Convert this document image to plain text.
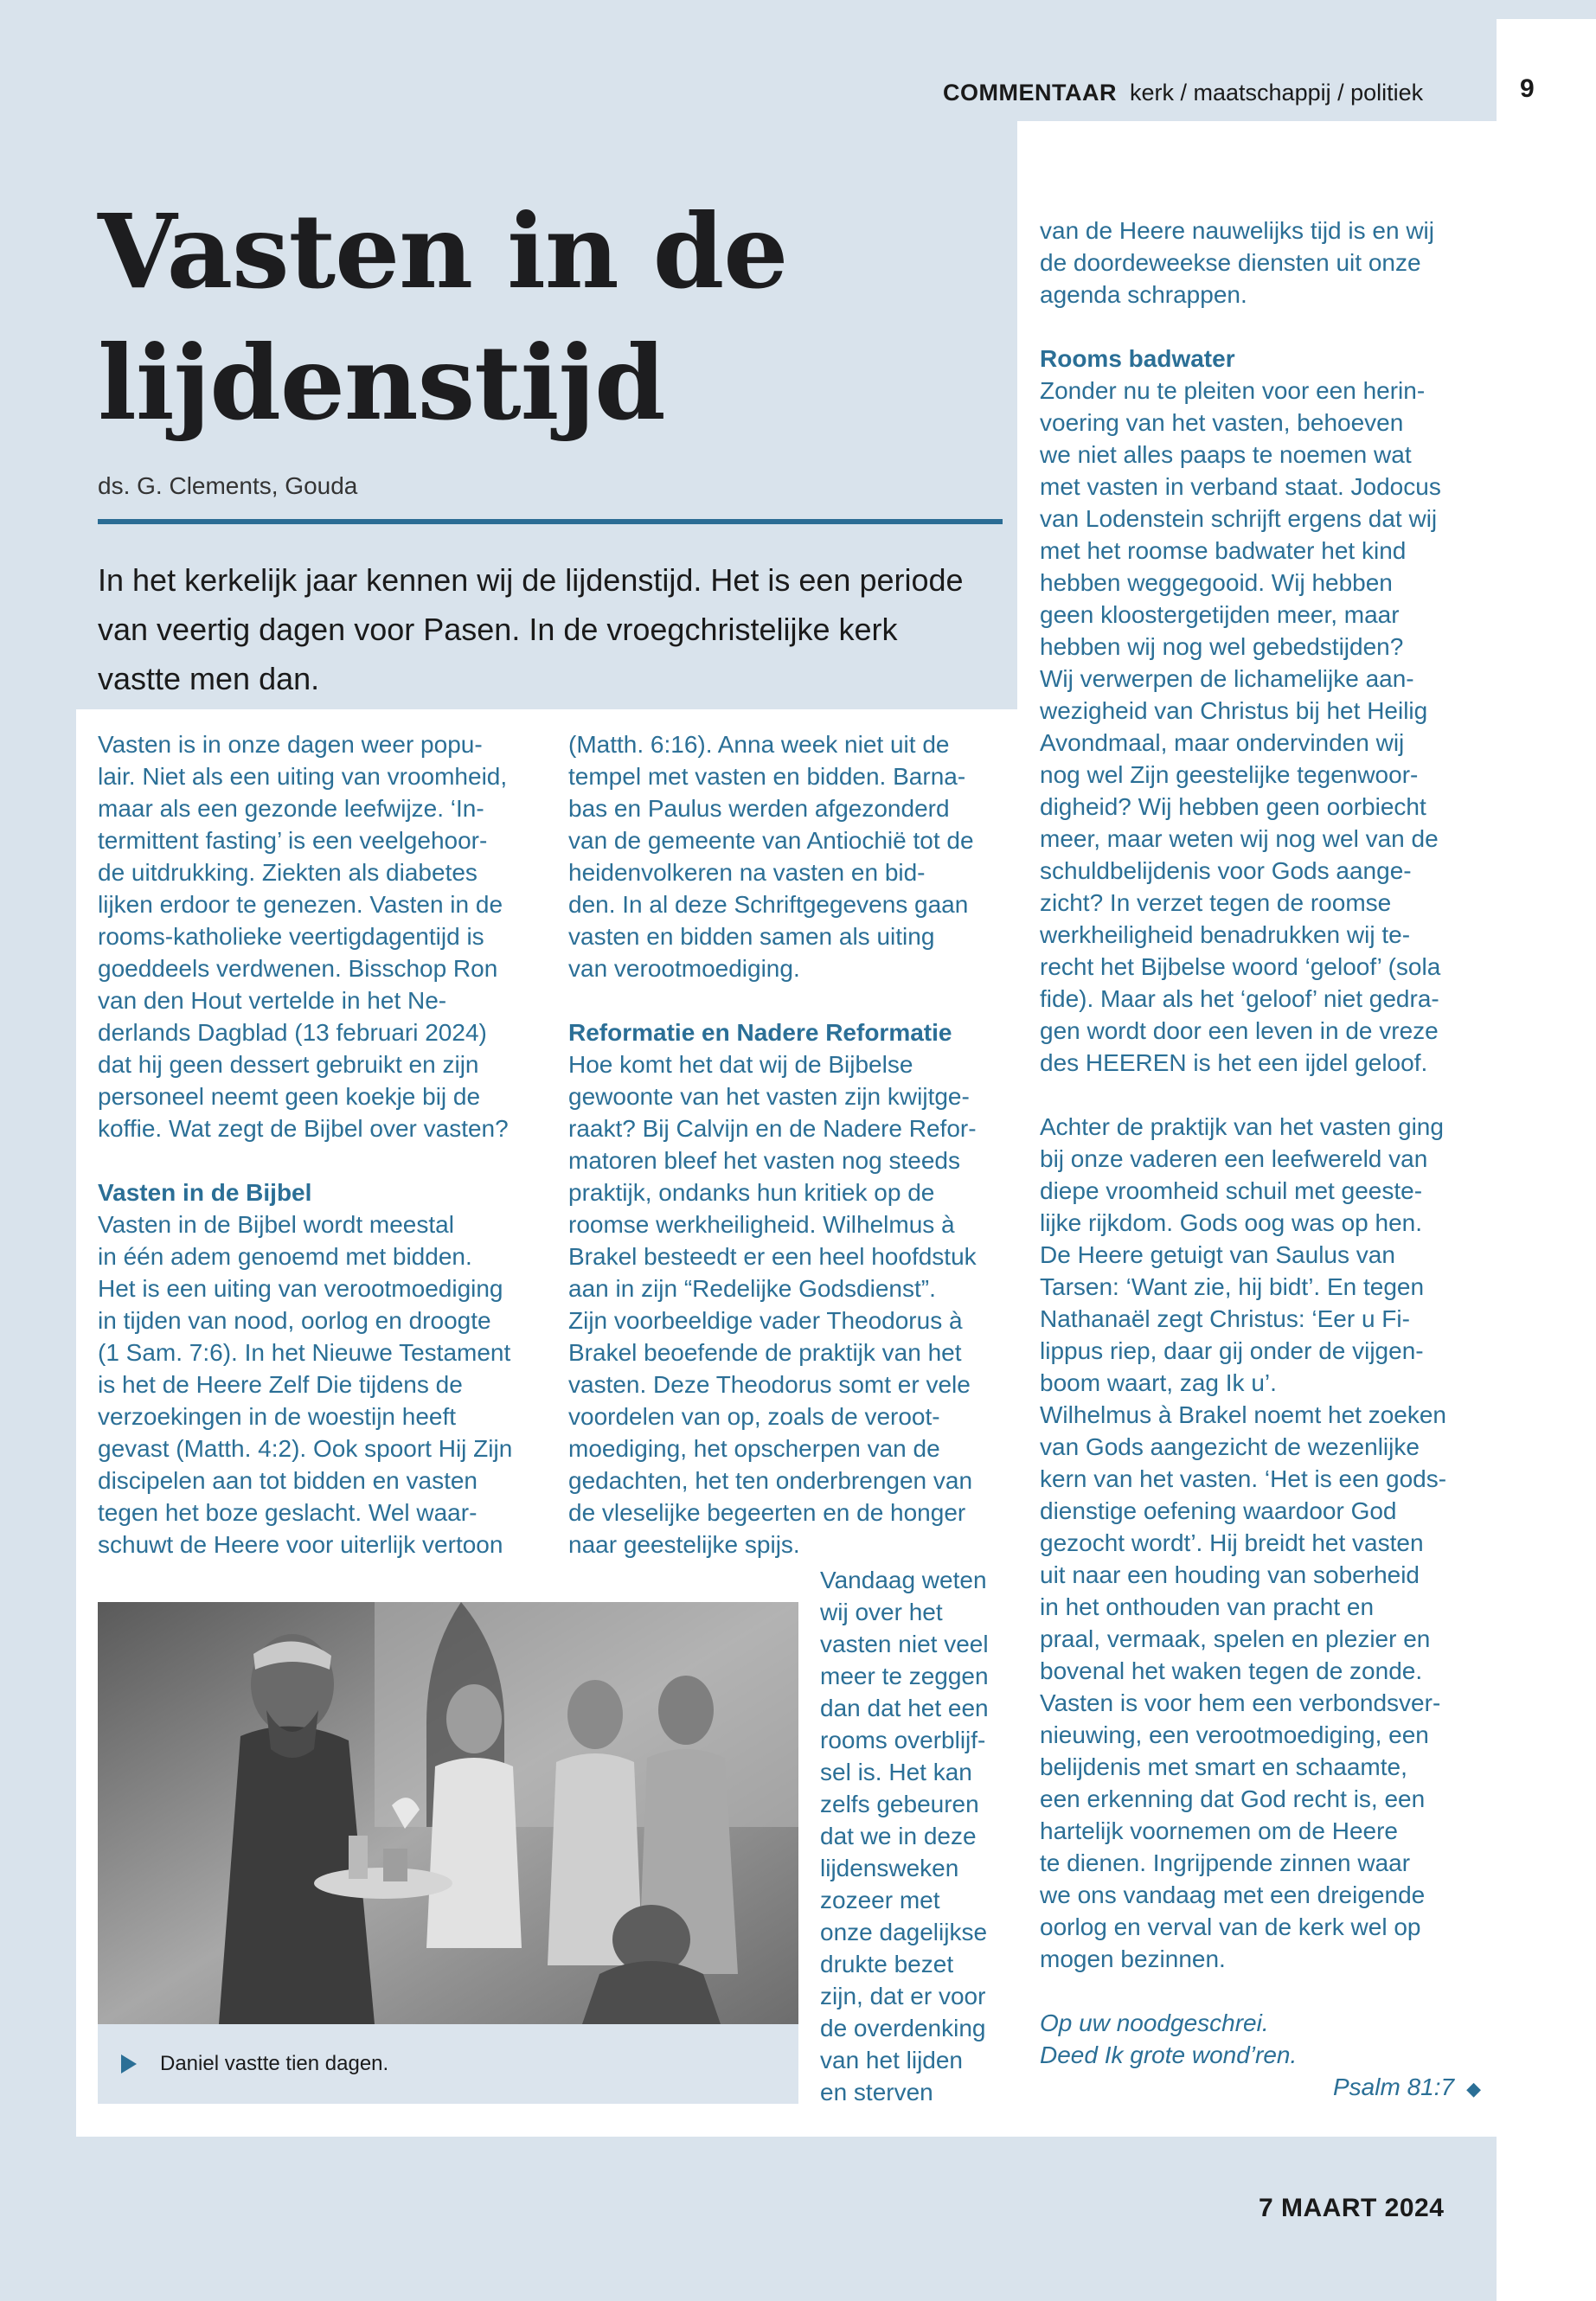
COMMENTAAR kerk / maatschappij / politiek	9
Vasten in de
lijdenstijd
ds. G. Clements, Gouda
In het kerkelijk jaar kennen wij de lijdenstijd. Het is een periode
van veertig dagen voor Pasen. In de vroegchristelijke kerk
vastte men dan.

Vasten is in onze dagen weer popu-

lair. Niet als een uiting van vroomheid,

maar als een gezonde leefwijze. ‘In-

termittent fasting’ is een veelgehoor-

de uitdrukking. Ziekten als diabetes

lijken erdoor te genezen. Vasten in de

rooms-katholieke veertigdagentijd is

goeddeels verdwenen. Bisschop Ron

van den Hout vertelde in het Ne-

derlands Dagblad (13 februari 2024)

dat hij geen dessert gebruikt en zijn

personeel neemt geen koekje bij de

koffie. Wat zegt de Bijbel over vasten?

Vasten in de Bijbel

Vasten in de Bijbel wordt meestal

in één adem genoemd met bidden.

Het is een uiting van verootmoediging

in tijden van nood, oorlog en droogte

(1 Sam. 7:6). In het Nieuwe Testament

is het de Heere Zelf Die tijdens de

verzoekingen in de woestijn heeft

gevast (Matth. 4:2). Ook spoort Hij Zijn

discipelen aan tot bidden en vasten

tegen het boze geslacht. Wel waar-

schuwt de Heere voor uiterlijk vertoon

(Matth. 6:16). Anna week niet uit de

tempel met vasten en bidden. Barna-

bas en Paulus werden afgezonderd

van de gemeente van Antiochië tot de

heidenvolkeren na vasten en bid-

den. In al deze Schriftgegevens gaan

vasten en bidden samen als uiting

van verootmoediging.

Reformatie en Nadere Reformatie

Hoe komt het dat wij de Bijbelse

gewoonte van het vasten zijn kwijtge-

raakt? Bij Calvijn en de Nadere Refor-

matoren bleef het vasten nog steeds

praktijk, ondanks hun kritiek op de

roomse werkheiligheid. Wilhelmus à

Brakel besteedt er een heel hoofdstuk

aan in zijn “Redelijke Godsdienst”.

Zijn voorbeeldige vader Theodorus à

Brakel beoefende de praktijk van het

vasten. Deze Theodorus somt er vele

voordelen van op, zoals de veroot-

moediging, het opscherpen van de

gedachten, het ten onderbrengen van

de vleselijke begeerten en de honger

naar geestelijke spijs.

Vandaag weten

wij over het

vasten niet veel

meer te zeggen

dan dat het een

rooms overblijf-

sel is. Het kan

zelfs gebeuren

dat we in deze

lijdensweken

zozeer met

onze dagelijkse

drukte bezet

zijn, dat er voor

de overdenking

van het lijden

en sterven

van de Heere nauwelijks tijd is en wij

de doordeweekse diensten uit onze

agenda schrappen.

Rooms badwater

Zonder nu te pleiten voor een herin-

voering van het vasten, behoeven

we niet alles paaps te noemen wat

met vasten in verband staat. Jodocus

van Lodenstein schrijft ergens dat wij

met het roomse badwater het kind

hebben weggegooid. Wij hebben

geen kloostergetijden meer, maar

hebben wij nog wel gebedstijden?

Wij verwerpen de lichamelijke aan-

wezigheid van Christus bij het Heilig

Avondmaal, maar ondervinden wij

nog wel Zijn geestelijke tegenwoor-

digheid? Wij hebben geen oorbiecht

meer, maar weten wij nog wel van de

schuldbelijdenis voor Gods aange-

zicht? In verzet tegen de roomse

werkheiligheid benadrukken wij te-

recht het Bijbelse woord ‘geloof’ (sola

fide). Maar als het ‘geloof’ niet gedra-

gen wordt door een leven in de vreze

des HEEREN is het een ijdel geloof.

Achter de praktijk van het vasten ging

bij onze vaderen een leefwereld van

diepe vroomheid schuil met geeste-

lijke rijkdom. Gods oog was op hen.

De Heere getuigt van Saulus van

Tarsen: ‘Want zie, hij bidt’. En tegen

Nathanaël zegt Christus: ‘Eer u Fi-

lippus riep, daar gij onder de vijgen-

boom waart, zag Ik u’.

Wilhelmus à Brakel noemt het zoeken

van Gods aangezicht de wezenlijke

kern van het vasten. ‘Het is een gods-

dienstige oefening waardoor God

gezocht wordt’. Hij breidt het vasten

uit naar een houding van soberheid

in het onthouden van pracht en

praal, vermaak, spelen en plezier en

bovenal het waken tegen de zonde.

Vasten is voor hem een verbondsver-

nieuwing, een verootmoediging, een

belijdenis met smart en schaamte,

een erkenning dat God recht is, een

hartelijk voornemen om de Heere

te dienen. Ingrijpende zinnen waar

we ons vandaag met een dreigende

oorlog en verval van de kerk wel op

mogen bezinnen.

Op uw noodgeschrei.

Deed Ik grote wond’ren.

Psalm 81:7 ◆

Daniel vastte tien dagen.
7 MAART 2024
